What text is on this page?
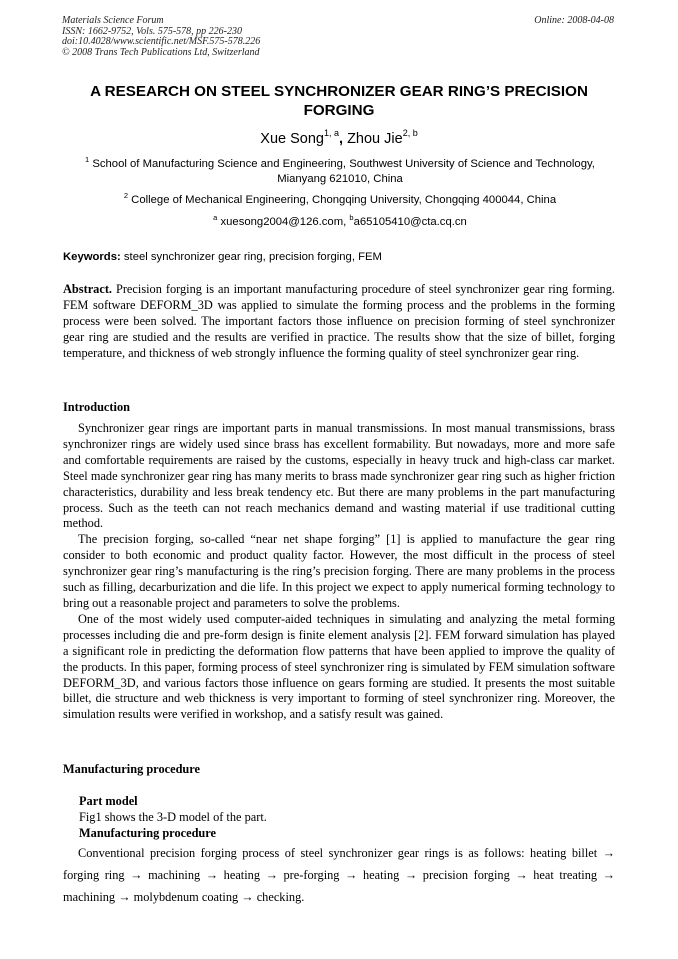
Materials Science Forum
ISSN: 1662-9752, Vols. 575-578, pp 226-230
doi:10.4028/www.scientific.net/MSF.575-578.226
© 2008 Trans Tech Publications Ltd, Switzerland
Online: 2008-04-08
A RESEARCH ON STEEL SYNCHRONIZER GEAR RING’S PRECISION FORGING
Xue Song$^{1, a}$, Zhou Jie$^{2, b}$
$^1$ School of Manufacturing Science and Engineering, Southwest University of Science and Technology, Mianyang 621010, China
$^2$ College of Mechanical Engineering, Chongqing University, Chongqing 400044, China
$^a$ xuesong2004@126.com, $^b$a65105410@cta.cq.cn
Keywords: steel synchronizer gear ring, precision forging, FEM

Abstract. Precision forging is an important manufacturing procedure of steel synchronizer gear ring forming. FEM software DEFORM_3D was applied to simulate the forming process and the problems in the forming process were been solved. The important factors those influence on precision forming of steel synchronizer gear ring are studied and the results are verified in practice. The results show that the size of billet, forging temperature, and thickness of web strongly influence the forming quality of steel synchronizer gear ring.

Introduction

Synchronizer gear rings are important parts in manual transmissions. In most manual transmissions, brass synchronizer rings are widely used since brass has excellent formability. But nowadays, more and more safe and comfortable requirements are raised by the customs, especially in heavy truck and high-class car market. Steel made synchronizer gear ring has many merits to brass made synchronizer gear ring such as higher friction characteristics, durability and less break tendency etc. But there are many problems in the part manufacturing process. Such as the teeth can not reach mechanics demand and wasting material if use traditional cutting method.

The precision forging, so-called “near net shape forging” [1] is applied to manufacture the gear ring consider to both economic and product quality factor. However, the most difficult in the process of steel synchronizer gear ring’s manufacturing is the ring’s precision forging. There are many problems in the process such as filling, decarburization and die life. In this project we expect to apply numerical forming technology to bring out a reasonable project and parameters to solve the problems.

One of the most widely used computer-aided techniques in simulating and analyzing the metal forming processes including die and pre-form design is finite element analysis [2]. FEM forward simulation has played a significant role in predicting the deformation flow patterns that have been applied to improve the quality of the products. In this paper, forming process of steel synchronizer ring is simulated by FEM simulation software DEFORM_3D, and various factors those influence on gears forming are studied. It presents the most suitable billet, die structure and web thickness is very important to forming of steel synchronizer ring. Moreover, the simulation results were verified in workshop, and a satisfy result was gained.

Manufacturing procedure
Part model
Fig1 shows the 3-D model of the part.
Manufacturing procedure

Conventional precision forging process of steel synchronizer gear rings is as follows: heating billet → forging ring → machining → heating → pre-forging → heating → precision forging → heat treating → machining → molybdenum coating → checking.
